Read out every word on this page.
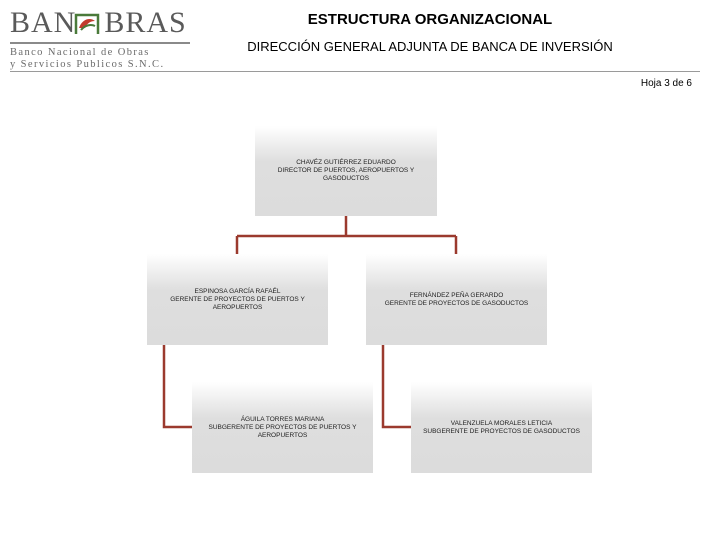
BAN BRAS
Banco Nacional de Obras
y Servicios Publicos S.N.C.
ESTRUCTURA ORGANIZACIONAL
DIRECCIÓN GENERAL ADJUNTA DE BANCA DE INVERSIÓN
Hoja 3 de 6
CHAVÉZ GUTIÉRREZ EDUARDO
DIRECTOR DE PUERTOS, AEROPUERTOS Y GASODUCTOS
ESPINOSA GARCÍA RAFAÉL
GERENTE DE PROYECTOS DE PUERTOS Y AEROPUERTOS
FERNÁNDEZ PEÑA GERARDO
GERENTE DE PROYECTOS DE GASODUCTOS
ÁGUILA TORRES MARIANA
SUBGERENTE DE PROYECTOS DE PUERTOS Y AEROPUERTOS
VALENZUELA MORALES LETICIA
SUBGERENTE DE PROYECTOS DE GASODUCTOS
